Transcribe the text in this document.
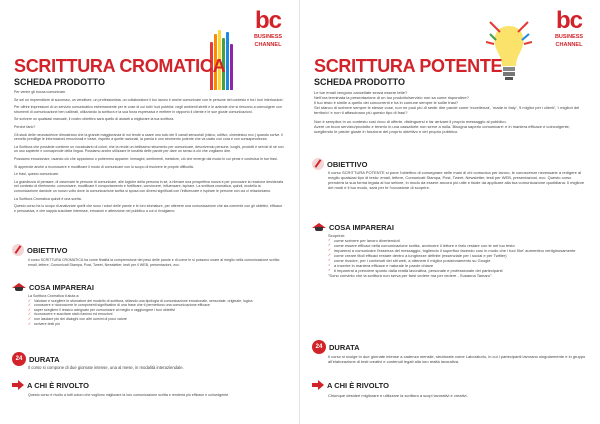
bc
BUSINESS
CHANNEL
SCRITTURA CROMATICA
SCHEDA PRODOTTO

Per venire gli bocca comunicare.

Se sei un imprenditore di successo, un venditore, un professionista, un collaboratore il tuo lavoro è anche comunicare con le persone del contesto e tra i tuoi interlocutori.

Per offrire impressioni di un servizio comunicativo estremamente per le cose di cui tutti i tuoi pubblici: negli ambienti stretti e le aziende che si riescono a coinvolgere con strumenti di comunicazione ben calibrati, utilizzando la scrittura e la sua forza espressiva e mettere in rapporto il cliente e le sue giuste comunicazioni.

Se scrivere un qualsiasi manuale, il nostro obiettivo sarà quello di aiutarti a migliorare la tua scrittura.

Perché farlo?

Gli studi delle neuroscienze dimostrano che la grande maggioranza di noi tende a usare uno solo dei 5 canali sensoriali (visivo, uditivo, cinestesico ecc.) quando scrive. Il cervello predilige le informazioni emozionali e visive, rispetto a quelle razionali, la parola è uno strumento potente che va usato con cura e con consapevolezza.

La Scrittura che possiede contiene un vocabolario di colori, che la rende un bellissimo strumento per comunicare, descrivendo persone, luoghi, prodotti e servizi di sé con un uso sapiente e consapevole della lingua. Possiamo anche utilizzare le tonalità delle parole per dare un senso a ciò che vogliamo dire.

Possiamo emozionare, usando ciò che appariamo o potremmo apparire: immagini, sentimenti, metafore, ciò che emerge dal modo in cui pensi e costruisci le tue frasi.

Si apprende anche a riconoscere e modificare il modo di comunicare con lo scopo di risolvere le proprie difficoltà.

Le frasi, questo comunicare.

La grandezza di pensare, di osservare le persone di comunicare, alle logiche della persona in sé, a rilevare una prospettiva nuova e per provocare la reazione desiderata nel contesto di riferimento: comunicare, modificare il comportamento e fortificare, convincere, influenzare, ispirare. La scrittura cromatica, quindi, modella la comunicazione dandole un nuovo volto dove la comunicazione scritta si sposa con diversi significati con l'influenzare e ispirare le persone con cui ci relazioniamo.

La Scrittura Cromatica quindi è una scelta.

Questo corso ha lo scopo di analizzare quelli che sono i colori delle parole e le loro sfumature, per ottenere una comunicazione che sia coerente con gli obiettivi, efficace e persuasiva, e che sappia suscitare interesse, emozioni e attenzione nel pubblico a cui ci rivolgiamo.

OBIETTIVO
Il corso SCRITTURA CROMATICA ha come finalità la comprensione del peso delle parole e di come le si possono usare al meglio nella comunicazione scritta: email, lettere, Comunicati Stampa, Post, Tweet, Newsletter, testi per il WEB, presentazioni, ecc.
COSA IMPARERAI
La Scrittura Cromatica ti aiuta a:
✓ Valutare e scegliere le sfumature del modello di scrittura, stilando una tipologia di comunicazione emozionale, sensoriale, originale, logica
✓ conoscere e riconoscere le componenti significative di una frase che ti permettono una comunicazione efficace
✓ saper scegliere il lessico adeguato per comunicare al meglio e raggiungere i tuoi obiettivi
✓ riconoscere e suscitare stati d'animo ed emozioni
✓ non lasciare più dei dialoghi con altri uomini di poco valore
✓ scrivere testi più
24 DURATA
Il corso si compone di due giornate intense, una al mese, in modalità interaziendale.
A CHI È RIVOLTO
Questo corso è rivolto a tutti coloro che vogliono migliorare la loro comunicazione scritta e renderla più efficace e coinvolgente.
bc
BUSINESS
CHANNEL
SCRITTURA POTENTE
SCHEDA PRODOTTO

Le tue email vengono cancellate senza essere lette?

Nell'ora terminata la presentazione di un tuo prodotto/servizio non sa come rispondere?

Il tuo testo è simile a quello dei concorrenti e ha in comune sempre le solite frasi?

Sei stanco di scrivere sempre le stesse cose, non ne puoi più di sentir dire parole come 'eccellenza', 'made in Italy', 'il miglior per i clienti', 'i migliori del territorio' e non ti affascinano più questo tipo di frasi?

Non è semplice in un contesto così ricco di offerte, distinguersi e far arrivare il proprio messaggio al pubblico.

Avere un buon servizio/prodotto e tenerlo in una cassaforte non serve a nulla. Bisogna saperlo comunicare: e in maniera efficace e coinvolgente, scegliendo le parole giuste in funzione del proprio obiettivo e del proprio pubblico.

OBIETTIVO
Il corso SCRITTURA POTENTE si pone l'obiettivo di consegnare nelle mani di chi comunica per lavoro, le conoscenze necessarie a redigere al meglio qualsiasi tipo di testo: email, lettere, Comunicati Stampa, Post, Tweet, Newsletter, testi per WEB, presentazioni, ecc. Questo corso prenderà la sua forma legata al tuo settore, in modo da essere ancora più utile e facile da applicare alla tua comunicazione quotidiana. Il migliore dei modi è il tuo modo, sarà per te l'occasione di scoprire.
COSA IMPARERAI
Scoprirai:
✓ come scrivere per lavoro divertendoti
✓ come essere efficaci nella comunicazione scritta, avvincere il lettore e farlo restare con te nel tuo testo
✓ imparerai a comunicare l'essenza del messaggio, togliendo il superfluo facendo così in modo che i tuoi 'like' aumentino vertiginosamente
✓ come creare titoli efficaci restare dentro a lunghezze definite (essenziale per i social e per Twitter)
✓ come riuscire, per i contenuti dei siti web, a ottenere il miglior posizionamento su Google
✓ a inserire in maniera efficace e naturale le parole chiave
✓ ti imparerai a prendere spunto dalla realtà lavorativa, personale e professionale dei partecipanti
"Sono convinto che la scrittura non serva per farsi vedere ma per vedere - Susanna Tamaro".
24 DURATA
Il corso si svolge in due giornate intense a cadenza mensile, strutturate come Laboratorio, in cui i partecipanti lavorano singolarmente e in gruppo all'elaborazione di testi creativi e contenuti legati alla loro realtà lavorativa.
A CHI È RIVOLTO
Chiunque desideri migliorare e utilizzare la scrittura a scopi lavorativi e creativi.
